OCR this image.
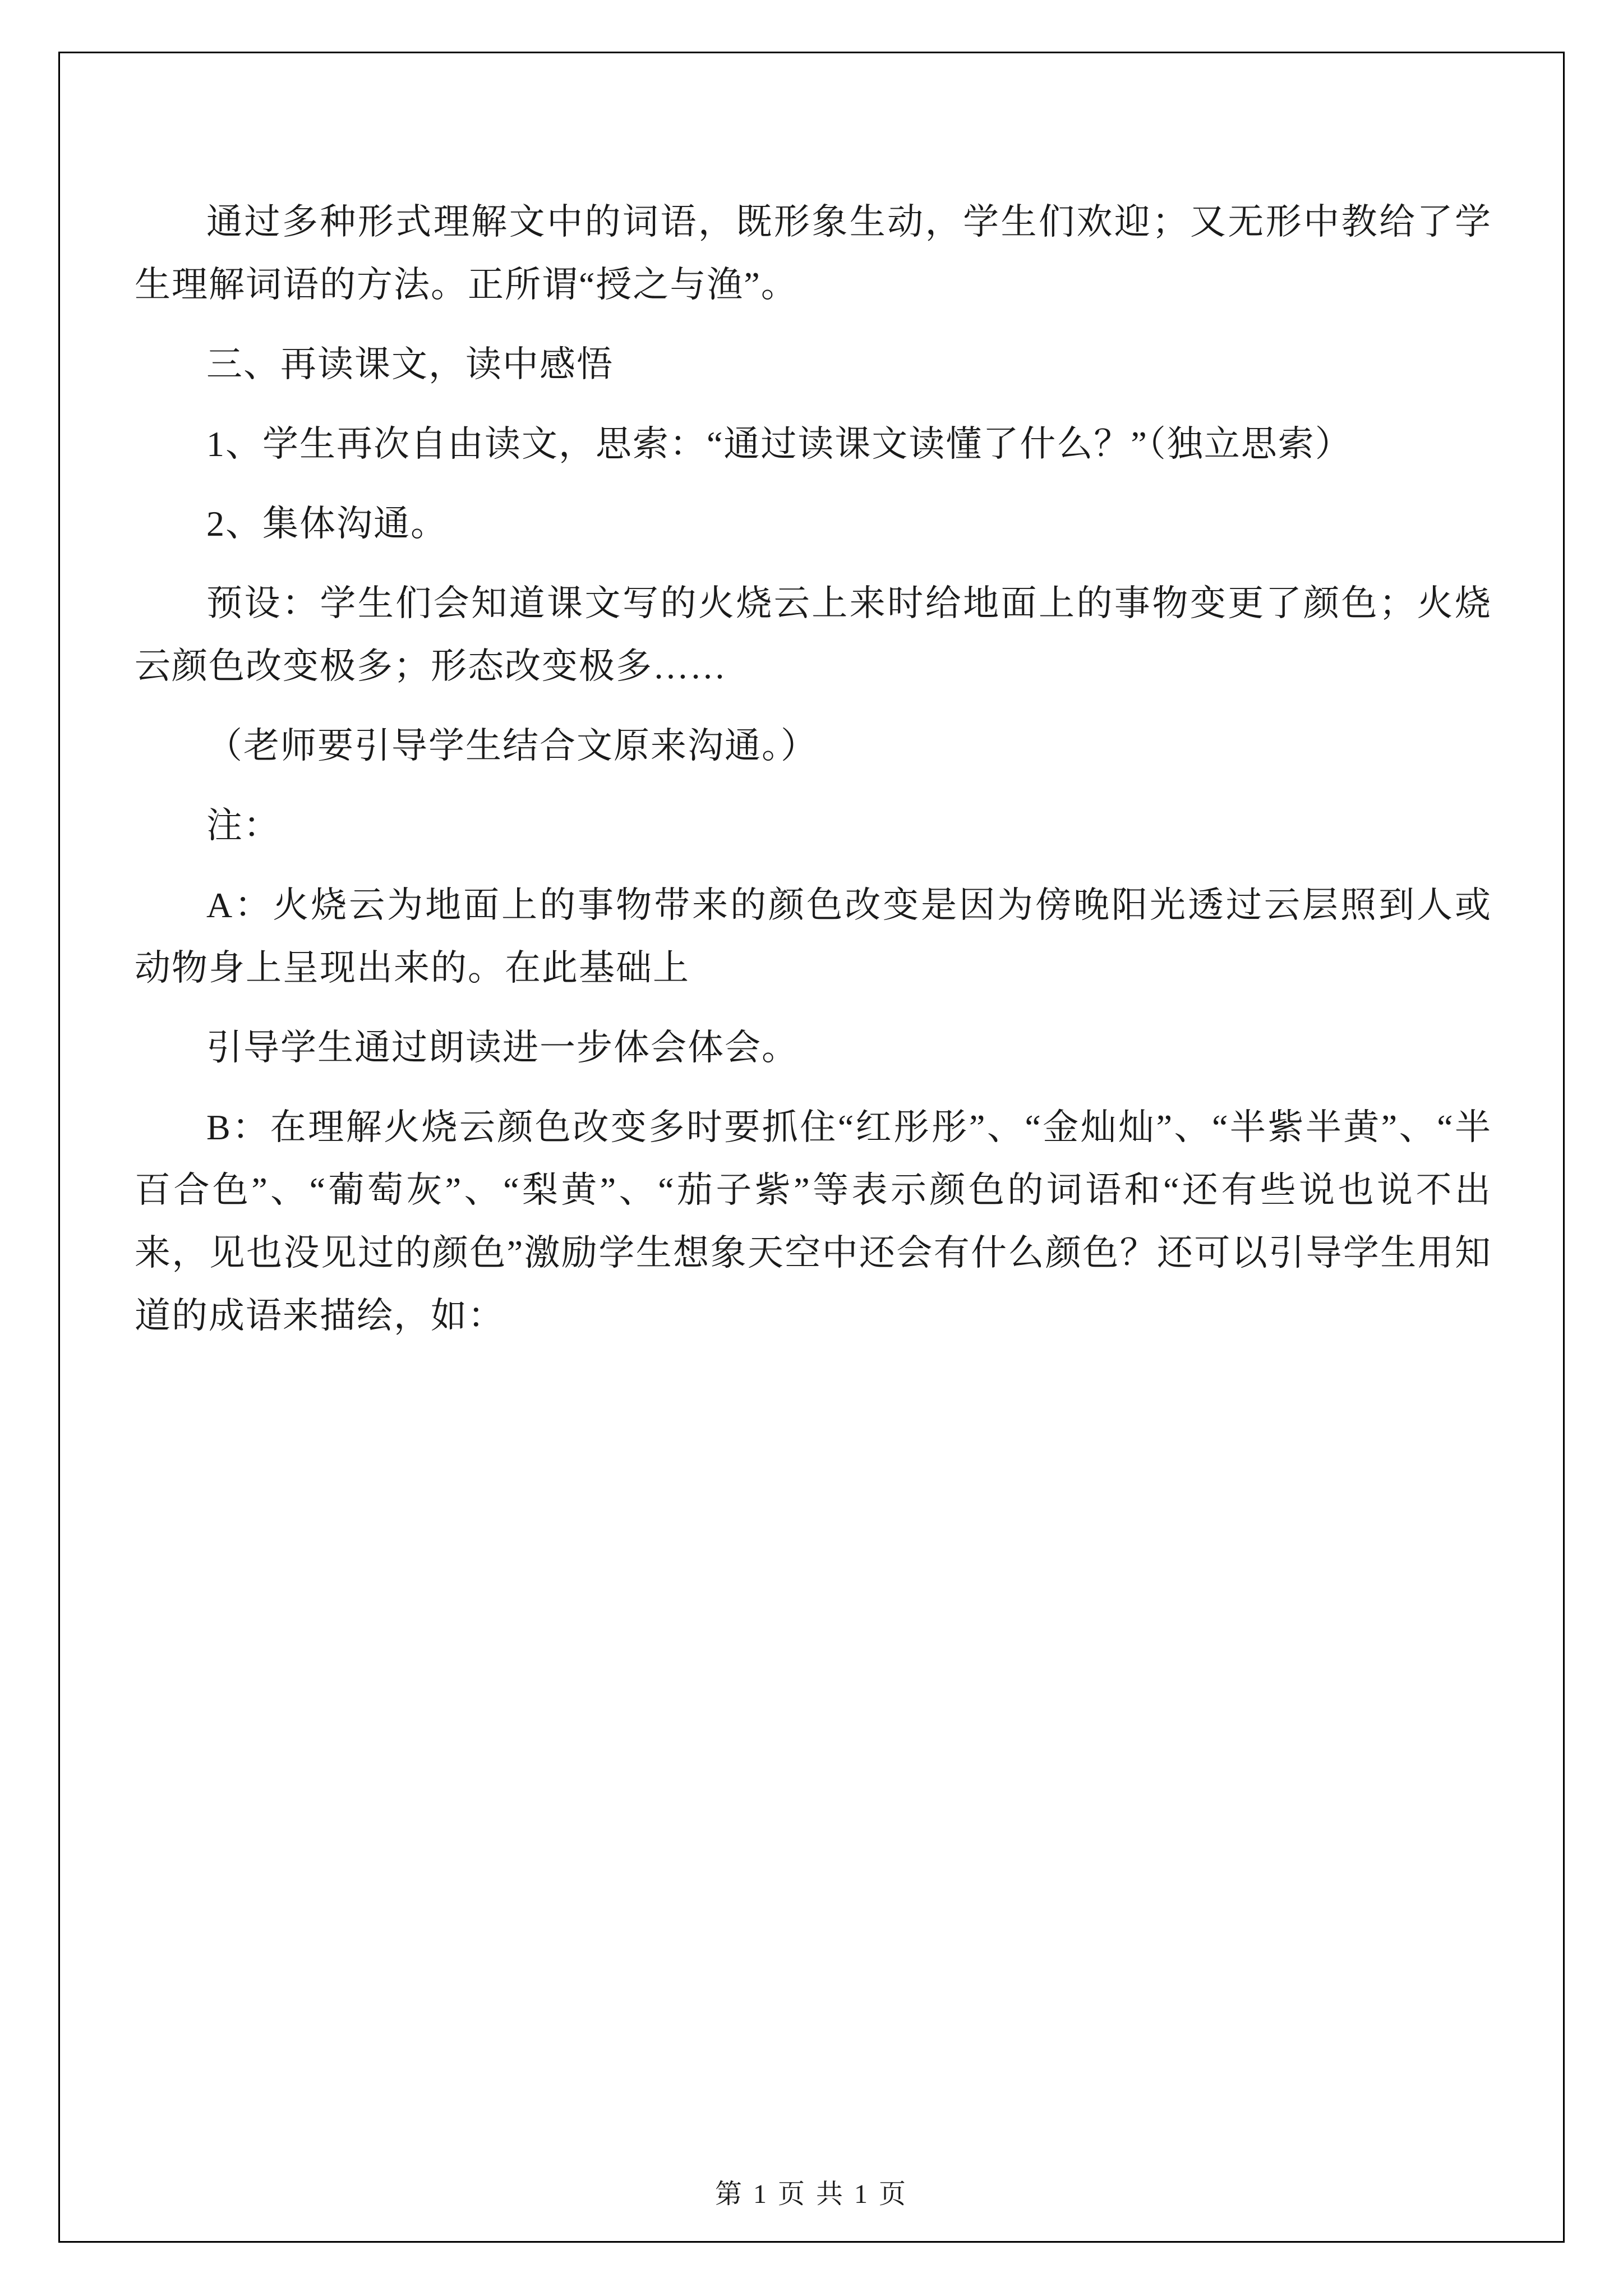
通过多种形式理解文中的词语，既形象生动，学生们欢迎；又无形中教给了学生理解词语的方法。正所谓“授之与渔”。

三、再读课文，读中感悟

1、学生再次自由读文，思索：“通过读课文读懂了什么？”（独立思索）

2、集体沟通。

预设：学生们会知道课文写的火烧云上来时给地面上的事物变更了颜色；火烧云颜色改变极多；形态改变极多……

（老师要引导学生结合文原来沟通。）

注：

A：火烧云为地面上的事物带来的颜色改变是因为傍晚阳光透过云层照到人或动物身上呈现出来的。在此基础上

引导学生通过朗读进一步体会体会。

B：在理解火烧云颜色改变多时要抓住“红彤彤”、“金灿灿”、“半紫半黄”、“半百合色”、“葡萄灰”、“梨黄”、“茄子紫”等表示颜色的词语和“还有些说也说不出来，见也没见过的颜色”激励学生想象天空中还会有什么颜色？还可以引导学生用知道的成语来描绘，如：

第 1 页 共 1 页
